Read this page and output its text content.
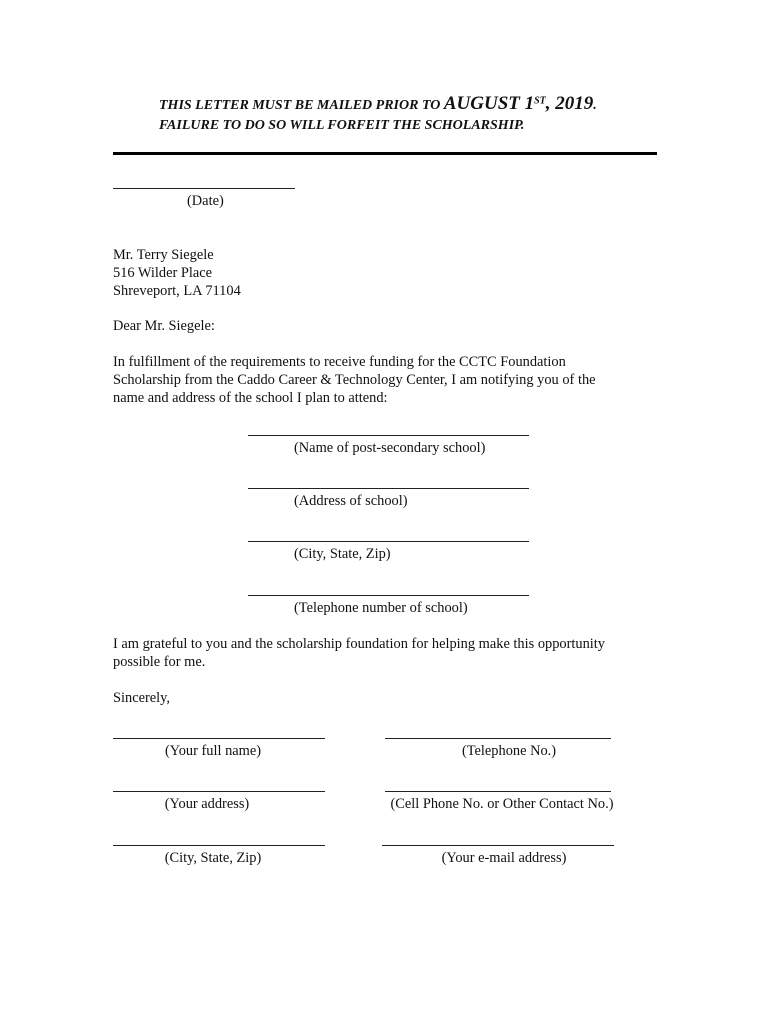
THIS LETTER MUST BE MAILED PRIOR TO AUGUST 1ST, 2019.
FAILURE TO DO SO WILL FORFEIT THE SCHOLARSHIP.
(Date)
Mr. Terry Siegele
516 Wilder Place
Shreveport, LA 71104
Dear Mr. Siegele:
In fulfillment of the requirements to receive funding for the CCTC Foundation
Scholarship from the Caddo Career & Technology Center, I am notifying you of the
name and address of the school I plan to attend:
(Name of post-secondary school)
(Address of school)
(City, State, Zip)
(Telephone number of school)
I am grateful to you and the scholarship foundation for helping make this opportunity
possible for me.
Sincerely,
(Your full name)
(Your address)
(City, State, Zip)
(Telephone No.)
(Cell Phone No. or Other Contact No.)
(Your e-mail address)
